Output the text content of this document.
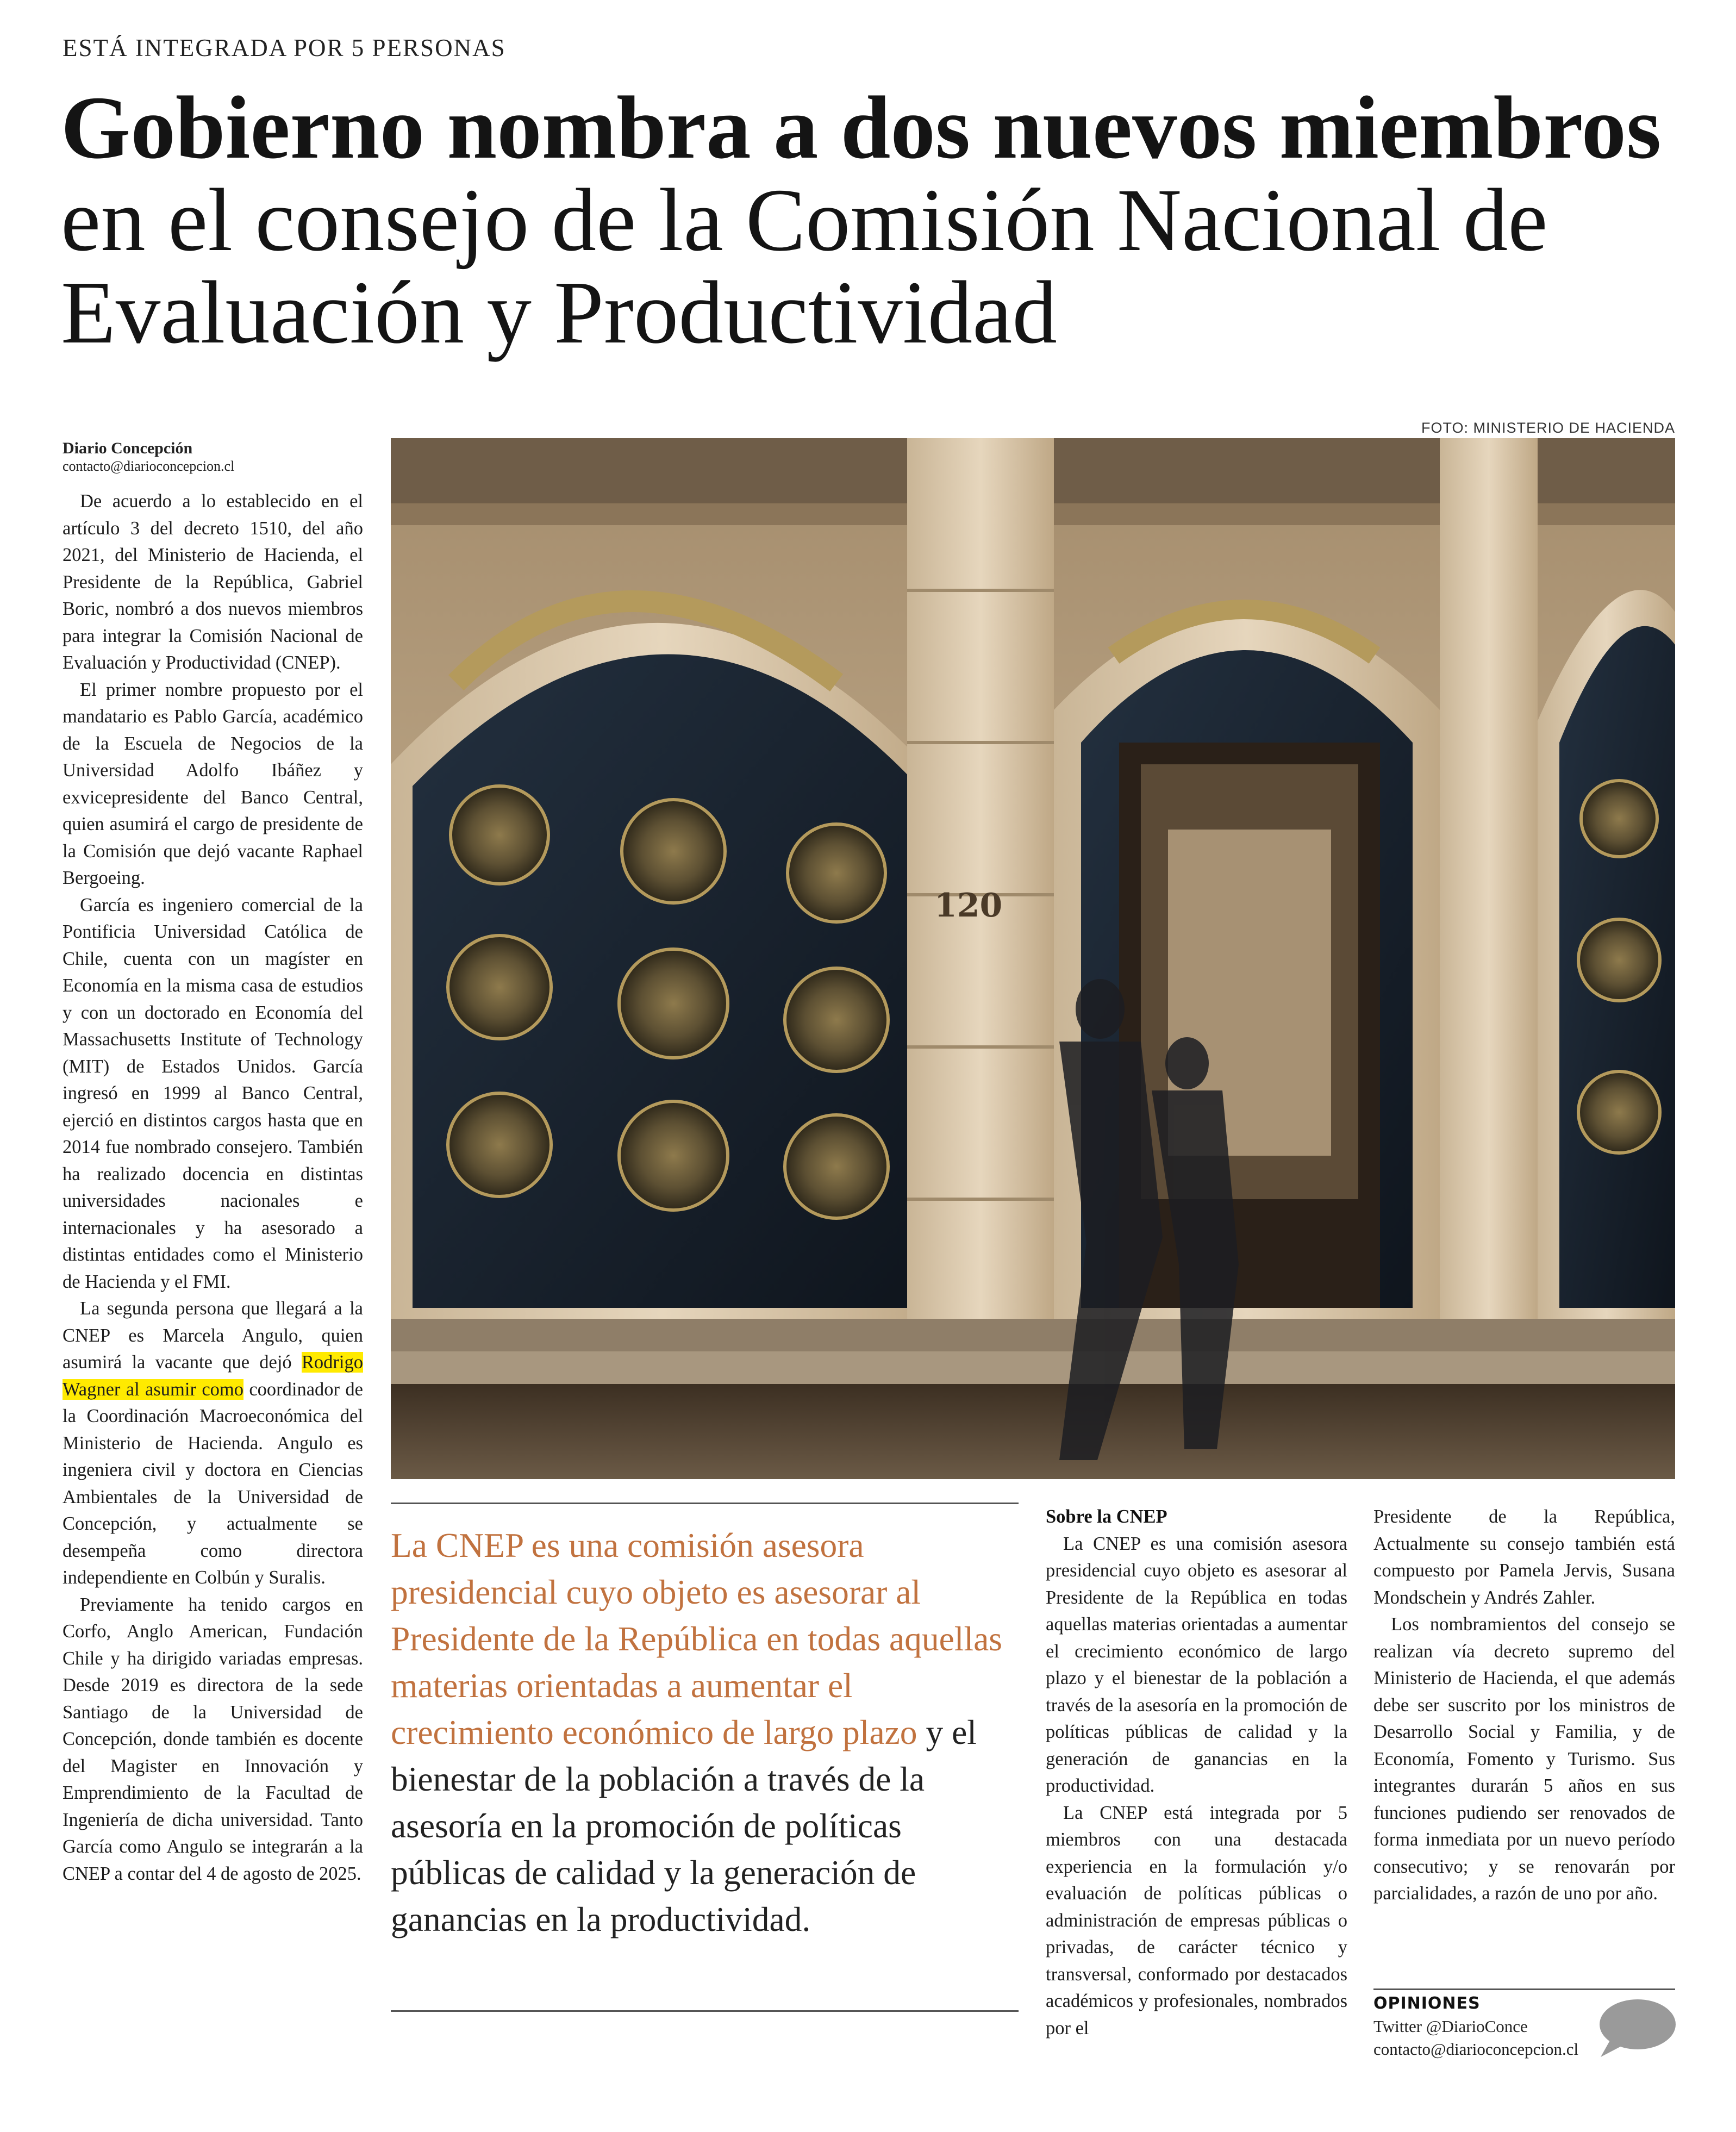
ESTÁ INTEGRADA POR 5 PERSONAS
Gobierno nombra a dos nuevos miembros en el consejo de la Comisión Nacional de Evaluación y Productividad
FOTO: MINISTERIO DE HACIENDA
Diario Concepción
contacto@diarioconcepcion.cl

De acuerdo a lo establecido en el artículo 3 del decreto 1510, del año 2021, del Ministerio de Hacienda, el Presidente de la República, Gabriel Boric, nombró a dos nuevos miembros para integrar la Comisión Nacional de Evaluación y Productividad (CNEP).

El primer nombre propuesto por el mandatario es Pablo García, académico de la Escuela de Negocios de la Universidad Adolfo Ibáñez y exvicepresidente del Banco Central, quien asumirá el cargo de presidente de la Comisión que dejó vacante Raphael Bergoeing.

García es ingeniero comercial de la Pontificia Universidad Católica de Chile, cuenta con un magíster en Economía en la misma casa de estudios y con un doctorado en Economía del Massachusetts Institute of Technology (MIT) de Estados Unidos. García ingresó en 1999 al Banco Central, ejerció en distintos cargos hasta que en 2014 fue nombrado consejero. También ha realizado docencia en distintas universidades nacionales e internacionales y ha asesorado a distintas entidades como el Ministerio de Hacienda y el FMI.

La segunda persona que llegará a la CNEP es Marcela Angulo, quien asumirá la vacante que dejó Rodrigo Wagner al asumir como coordinador de la Coordinación Macroeconómica del Ministerio de Hacienda. Angulo es ingeniera civil y doctora en Ciencias Ambientales de la Universidad de Concepción, y actualmente se desempeña como directora independiente en Colbún y Suralis.

Previamente ha tenido cargos en Corfo, Anglo American, Fundación Chile y ha dirigido variadas empresas. Desde 2019 es directora de la sede Santiago de la Universidad de Concepción, donde también es docente del Magister en Innovación y Emprendimiento de la Facultad de Ingeniería de dicha universidad. Tanto García como Angulo se integrarán a la CNEP a contar del 4 de agosto de 2025.

120

La CNEP es una comisión asesora presidencial cuyo objeto es asesorar al Presidente de la República en todas aquellas materias orientadas a aumentar el crecimiento económico de largo plazo y el bienestar de la población a través de la asesoría en la promoción de políticas públicas de calidad y la generación de ganancias en la productividad.

Sobre la CNEP

La CNEP es una comisión asesora presidencial cuyo objeto es asesorar al Presidente de la República en todas aquellas materias orientadas a aumentar el crecimiento económico de largo plazo y el bienestar de la población a través de la asesoría en la promoción de políticas públicas de calidad y la generación de ganancias en la productividad.

La CNEP está integrada por 5 miembros con una destacada experiencia en la formulación y/o evaluación de políticas públicas o administración de empresas públicas o privadas, de carácter técnico y transversal, conformado por destacados académicos y profesionales, nombrados por el

Presidente de la República, Actualmente su consejo también está compuesto por Pamela Jervis, Susana Mondschein y Andrés Zahler.

Los nombramientos del consejo se realizan vía decreto supremo del Ministerio de Hacienda, el que además debe ser suscrito por los ministros de Desarrollo Social y Familia, y de Economía, Fomento y Turismo. Sus integrantes durarán 5 años en sus funciones pudiendo ser renovados de forma inmediata por un nuevo período consecutivo; y se renovarán por parcialidades, a razón de uno por año.

OPINIONES
Twitter @DiarioConce
contacto@diarioconcepcion.cl
